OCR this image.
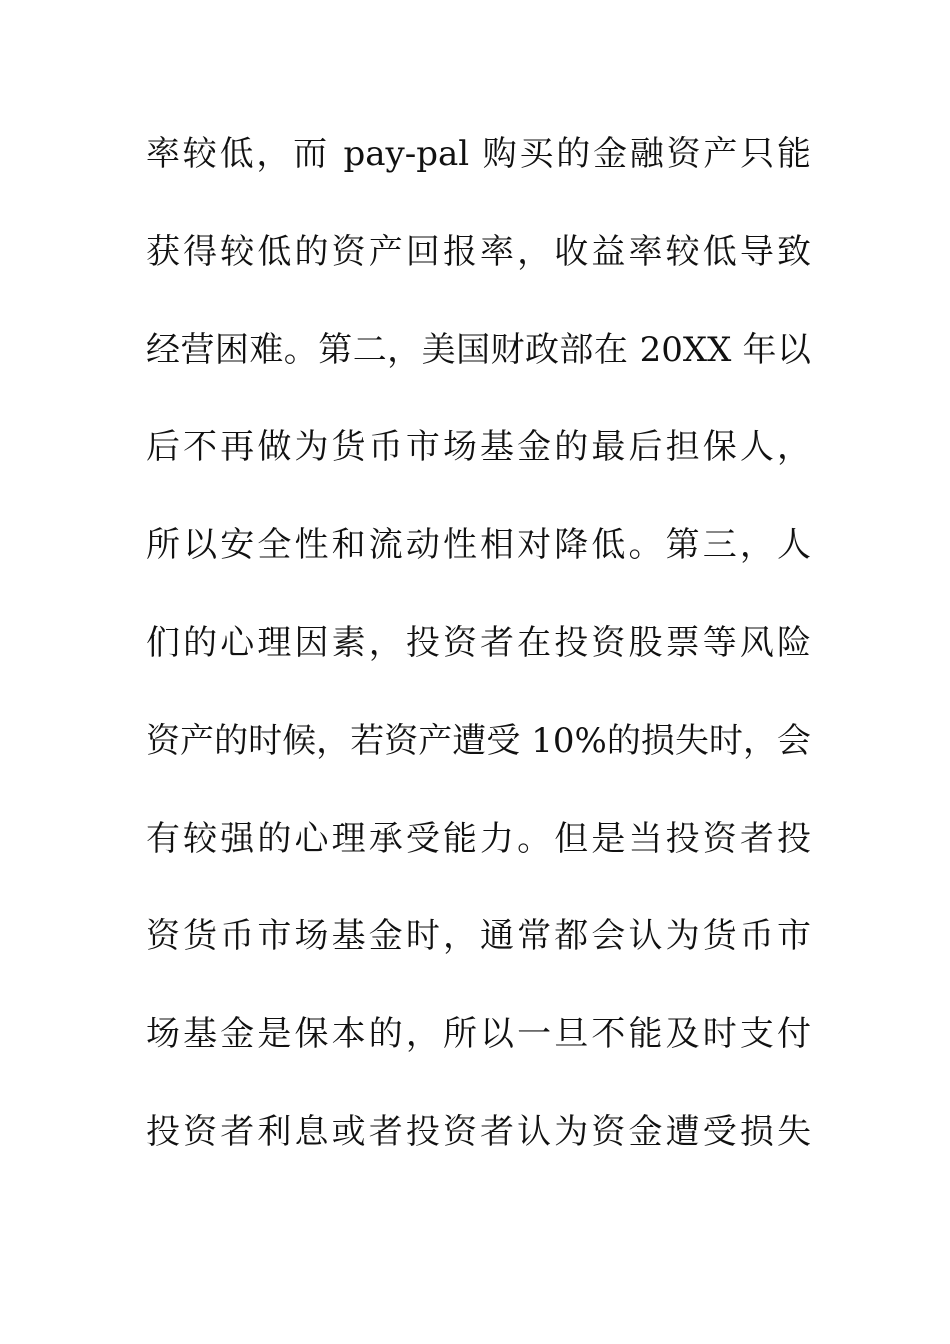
率较低，而 pay-pal 购买的金融资产只能
获得较低的资产回报率，收益率较低导致
经营困难。第二，美国财政部在 20XX 年以
后不再做为货币市场基金的最后担保人，
所以安全性和流动性相对降低。第三，人
们的心理因素，投资者在投资股票等风险
资产的时候，若资产遭受 10%的损失时，会
有较强的心理承受能力。但是当投资者投
资货币市场基金时，通常都会认为货币市
场基金是保本的，所以一旦不能及时支付
投资者利息或者投资者认为资金遭受损失
